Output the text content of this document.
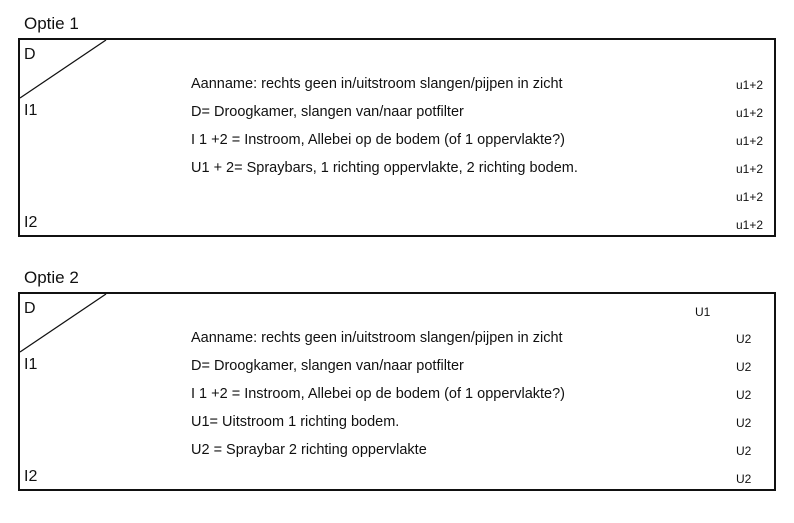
Optie 1
D
I1
I2
Aanname: rechts geen in/uitstroom slangen/pijpen in zicht
D= Droogkamer, slangen van/naar potfilter
I 1 +2 = Instroom, Allebei op de bodem (of 1 oppervlakte?)
U1 + 2= Spraybars, 1 richting oppervlakte, 2 richting bodem.
u1+2
u1+2
u1+2
u1+2
u1+2
u1+2
Optie 2
D
I1
I2
U1
Aanname: rechts geen in/uitstroom slangen/pijpen in zicht
D= Droogkamer, slangen van/naar potfilter
I 1 +2 = Instroom, Allebei op de bodem (of 1 oppervlakte?)
U1= Uitstroom 1 richting bodem.
U2 = Spraybar 2 richting oppervlakte
U2
U2
U2
U2
U2
U2
